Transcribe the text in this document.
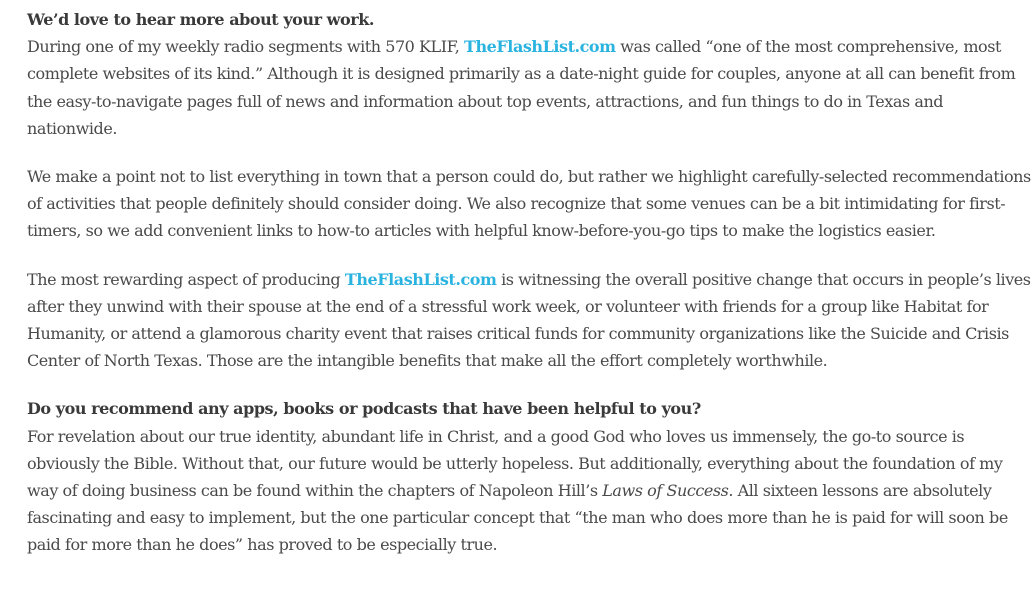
We’d love to hear more about your work.

During one of my weekly radio segments with 570 KLIF, TheFlashList.com was called “one of the most comprehensive, most complete websites of its kind.” Although it is designed primarily as a date-night guide for couples, anyone at all can benefit from the easy-to-navigate pages full of news and information about top events, attractions, and fun things to do in Texas and nationwide.

We make a point not to list everything in town that a person could do, but rather we highlight carefully-selected recommendations of activities that people definitely should consider doing. We also recognize that some venues can be a bit intimidating for first-timers, so we add convenient links to how-to articles with helpful know-before-you-go tips to make the logistics easier.

The most rewarding aspect of producing TheFlashList.com is witnessing the overall positive change that occurs in people’s lives after they unwind with their spouse at the end of a stressful work week, or volunteer with friends for a group like Habitat for Humanity, or attend a glamorous charity event that raises critical funds for community organizations like the Suicide and Crisis Center of North Texas. Those are the intangible benefits that make all the effort completely worthwhile.

Do you recommend any apps, books or podcasts that have been helpful to you?

For revelation about our true identity, abundant life in Christ, and a good God who loves us immensely, the go-to source is obviously the Bible. Without that, our future would be utterly hopeless. But additionally, everything about the foundation of my way of doing business can be found within the chapters of Napoleon Hill’s Laws of Success. All sixteen lessons are absolutely fascinating and easy to implement, but the one particular concept that “the man who does more than he is paid for will soon be paid for more than he does” has proved to be especially true.
